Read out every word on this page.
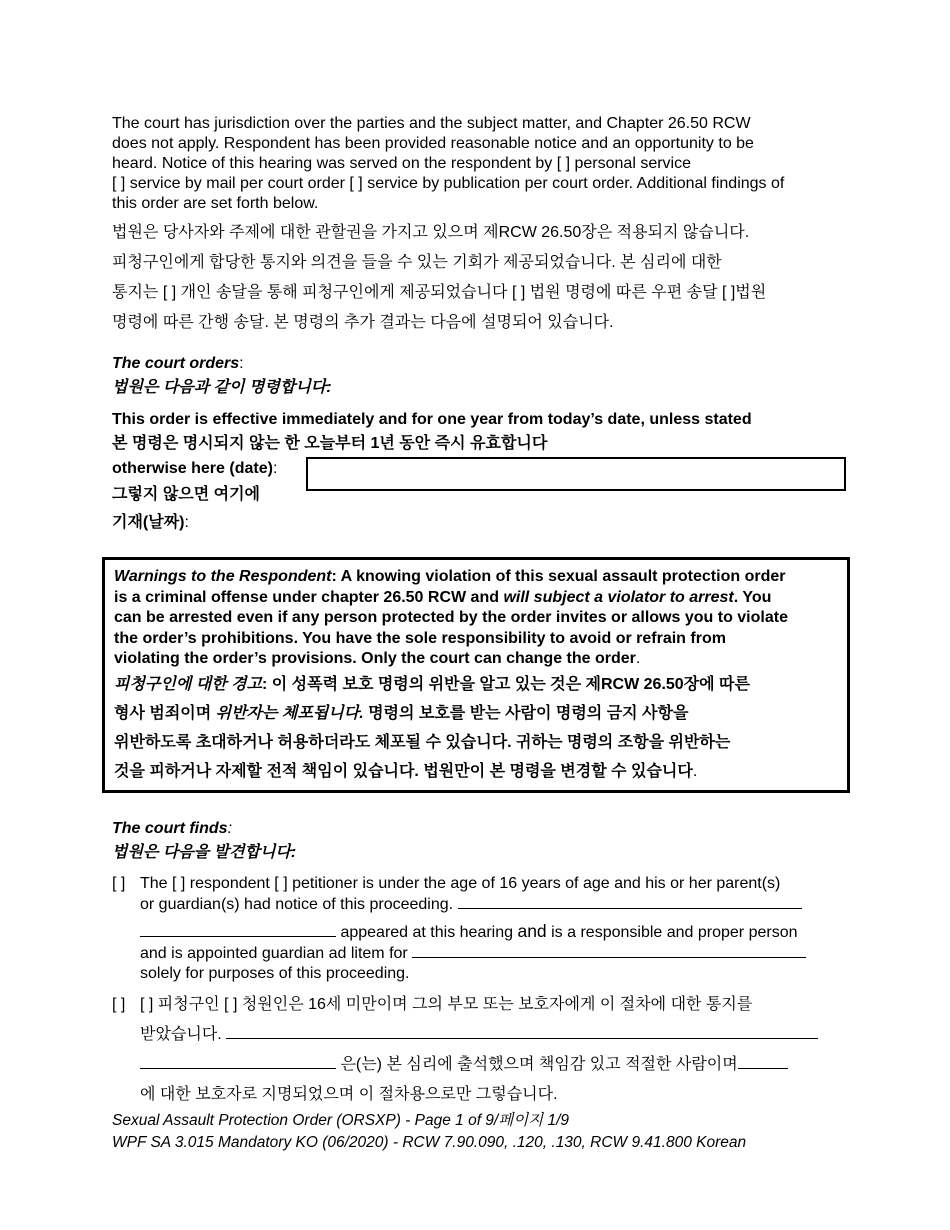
The court has jurisdiction over the parties and the subject matter, and Chapter 26.50 RCW

does not apply. Respondent has been provided reasonable notice and an opportunity to be

heard. Notice of this hearing was served on the respondent by [ ] personal service

[ ] service by mail per court order [ ] service by publication per court order. Additional findings of

this order are set forth below.

법원은 당사자와 주제에 대한 관할권을 가지고 있으며 제RCW 26.50장은 적용되지 않습니다.

피청구인에게 합당한 통지와 의견을 들을 수 있는 기회가 제공되었습니다. 본 심리에 대한

통지는 [ ] 개인 송달을 통해 피청구인에게 제공되었습니다 [ ] 법원 명령에 따른 우편 송달 [ ]법원

명령에 따른 간행 송달. 본 명령의 추가 결과는 다음에 설명되어 있습니다.

The court orders:

법원은 다음과 같이 명령합니다:

This order is effective immediately and for one year from today’s date, unless stated

본 명령은 명시되지 않는 한 오늘부터 1년 동안 즉시 유효합니다

otherwise here (date):

그렇지 않으면 여기에

기재(날짜):

Warnings to the Respondent: A knowing violation of this sexual assault protection order

is a criminal offense under chapter 26.50 RCW and will subject a violator to arrest. You

can be arrested even if any person protected by the order invites or allows you to violate

the order’s prohibitions. You have the sole responsibility to avoid or refrain from

violating the order’s provisions. Only the court can change the order.

피청구인에 대한 경고: 이 성폭력 보호 명령의 위반을 알고 있는 것은 제RCW 26.50장에 따른

형사 범죄이며 위반자는 체포됩니다. 명령의 보호를 받는 사람이 명령의 금지 사항을

위반하도록 초대하거나 허용하더라도 체포될 수 있습니다. 귀하는 명령의 조항을 위반하는

것을 피하거나 자제할 전적 책임이 있습니다. 법원만이 본 명령을 변경할 수 있습니다.

The court finds:

법원은 다음을 발견합니다:

[ ] The [ ] respondent [ ] petitioner is under the age of 16 years of age and his or her parent(s)

or guardian(s) had notice of this proceeding.

appeared at this hearing and is a responsible and proper person

and is appointed guardian ad litem for

solely for purposes of this proceeding.

[ ] [ ] 피청구인 [ ] 청원인은 16세 미만이며 그의 부모 또는 보호자에게 이 절차에 대한 통지를

받았습니다.

은(는) 본 심리에 출석했으며 책임감 있고 적절한 사람이며

에 대한 보호자로 지명되었으며 이 절차용으로만 그렇습니다.

Sexual Assault Protection Order (ORSXP) - Page 1 of 9/페이지 1/9

WPF SA 3.015 Mandatory KO (06/2020) - RCW 7.90.090, .120, .130, RCW 9.41.800 Korean
